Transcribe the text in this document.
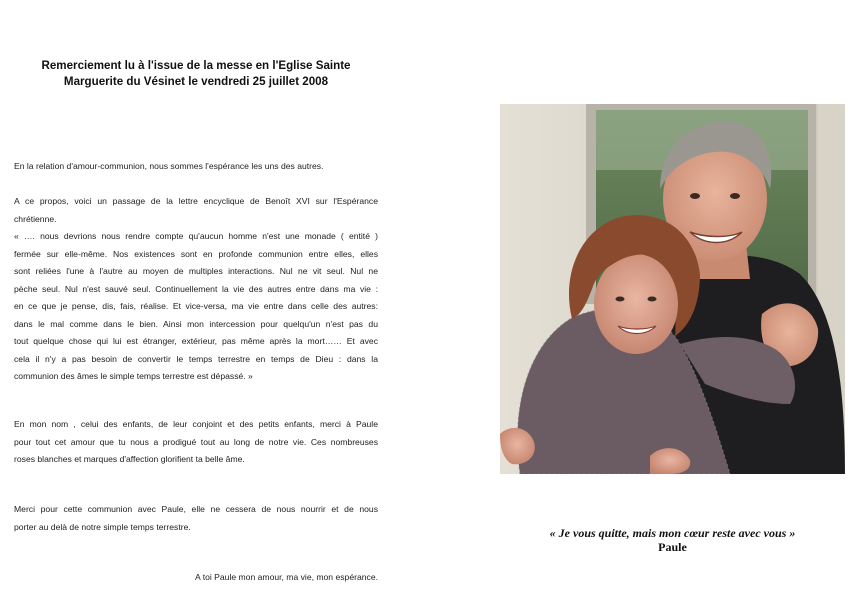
Remerciement lu à l'issue de la messe en l'Eglise Sainte
Marguerite du Vésinet le vendredi 25 juillet 2008

En la relation d'amour-communion, nous sommes l'espérance les uns des autres.

A ce propos, voici un passage de la lettre encyclique de Benoît XVI sur l'Espérance
chrétienne.

« …. nous devrions nous rendre compte qu'aucun homme n'est une monade ( entité )
fermée sur elle-même. Nos existences sont en profonde communion entre elles, elles
sont reliées l'une à l'autre au moyen de multiples interactions. Nul ne vit seul. Nul ne
pèche seul. Nul n'est sauvé seul. Continuellement la vie des autres entre dans ma vie :
en ce que je pense, dis, fais, réalise. Et vice-versa, ma vie entre dans celle des autres:
dans le mal comme dans le bien. Ainsi mon intercession pour quelqu'un n'est pas du
tout quelque chose qui lui est étranger, extérieur, pas même après la mort…… Et avec
cela il n'y a pas besoin de convertir le temps terrestre en temps de Dieu : dans la
communion des âmes le simple temps terrestre est dépassé. »

En mon nom , celui des enfants, de leur conjoint et des petits enfants, merci à Paule
pour tout cet amour que tu nous a prodigué tout au long de notre vie. Ces nombreuses
roses blanches et marques d'affection glorifient ta belle âme.

Merci pour cette communion avec Paule, elle ne cessera de nous nourrir et de nous
porter au delà de notre simple temps terrestre.

A toi Paule mon amour, ma vie, mon espérance.
« Je vous quitte, mais mon cœur reste avec vous »
Paule
